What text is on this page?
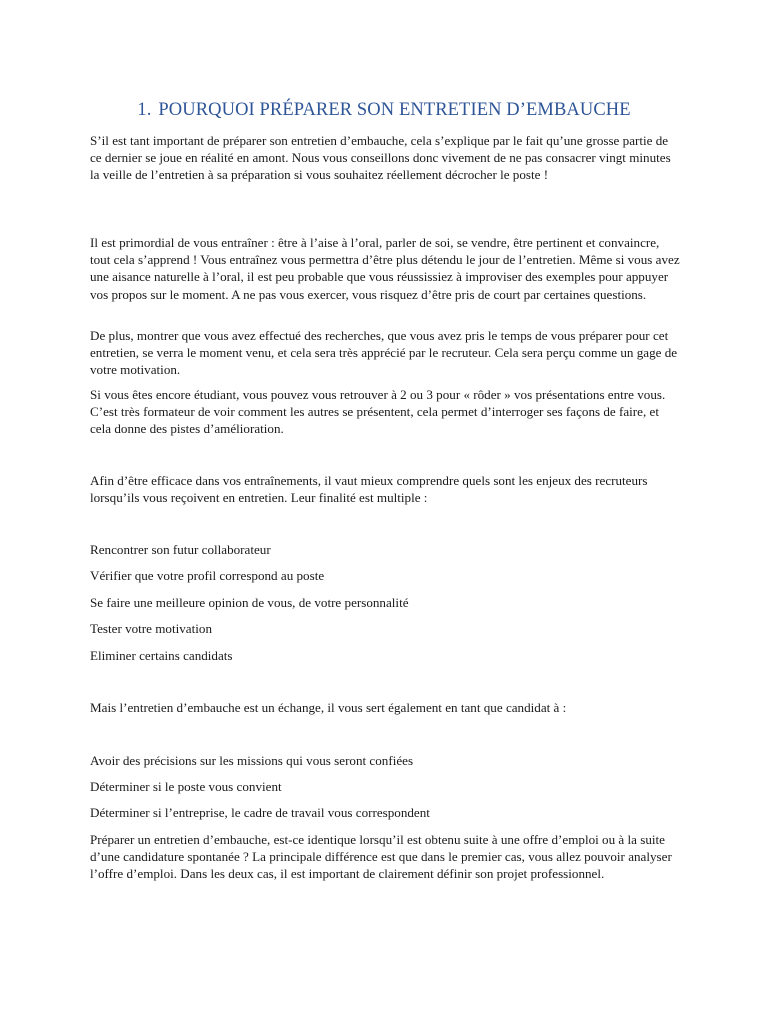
1. POURQUOI PRÉPARER SON ENTRETIEN D’EMBAUCHE

S’il est tant important de préparer son entretien d’embauche, cela s’explique par le fait qu’une grosse partie de ce dernier se joue en réalité en amont. Nous vous conseillons donc vivement de ne pas consacrer vingt minutes la veille de l’entretien à sa préparation si vous souhaitez réellement décrocher le poste !

Il est primordial de vous entraîner : être à l’aise à l’oral, parler de soi, se vendre, être pertinent et convaincre, tout cela s’apprend ! Vous entraînez vous permettra d’être plus détendu le jour de l’entretien. Même si vous avez une aisance naturelle à l’oral, il est peu probable que vous réussissiez à improviser des exemples pour appuyer vos propos sur le moment. A ne pas vous exercer, vous risquez d’être pris de court par certaines questions.

De plus, montrer que vous avez effectué des recherches, que vous avez pris le temps de vous préparer pour cet entretien, se verra le moment venu, et cela sera très apprécié par le recruteur. Cela sera perçu comme un gage de votre motivation.

Si vous êtes encore étudiant, vous pouvez vous retrouver à 2 ou 3 pour « rôder » vos présentations entre vous. C’est très formateur de voir comment les autres se présentent, cela permet d’interroger ses façons de faire, et cela donne des pistes d’amélioration.

Afin d’être efficace dans vos entraînements, il vaut mieux comprendre quels sont les enjeux des recruteurs lorsqu’ils vous reçoivent en entretien. Leur finalité est multiple :

Rencontrer son futur collaborateur

Vérifier que votre profil correspond au poste

Se faire une meilleure opinion de vous, de votre personnalité

Tester votre motivation

Eliminer certains candidats

Mais l’entretien d’embauche est un échange, il vous sert également en tant que candidat à :

Avoir des précisions sur les missions qui vous seront confiées

Déterminer si le poste vous convient

Déterminer si l’entreprise, le cadre de travail vous correspondent

Préparer un entretien d’embauche, est-ce identique lorsqu’il est obtenu suite à une offre d’emploi ou à la suite d’une candidature spontanée ? La principale différence est que dans le premier cas, vous allez pouvoir analyser l’offre d’emploi. Dans les deux cas, il est important de clairement définir son projet professionnel.
